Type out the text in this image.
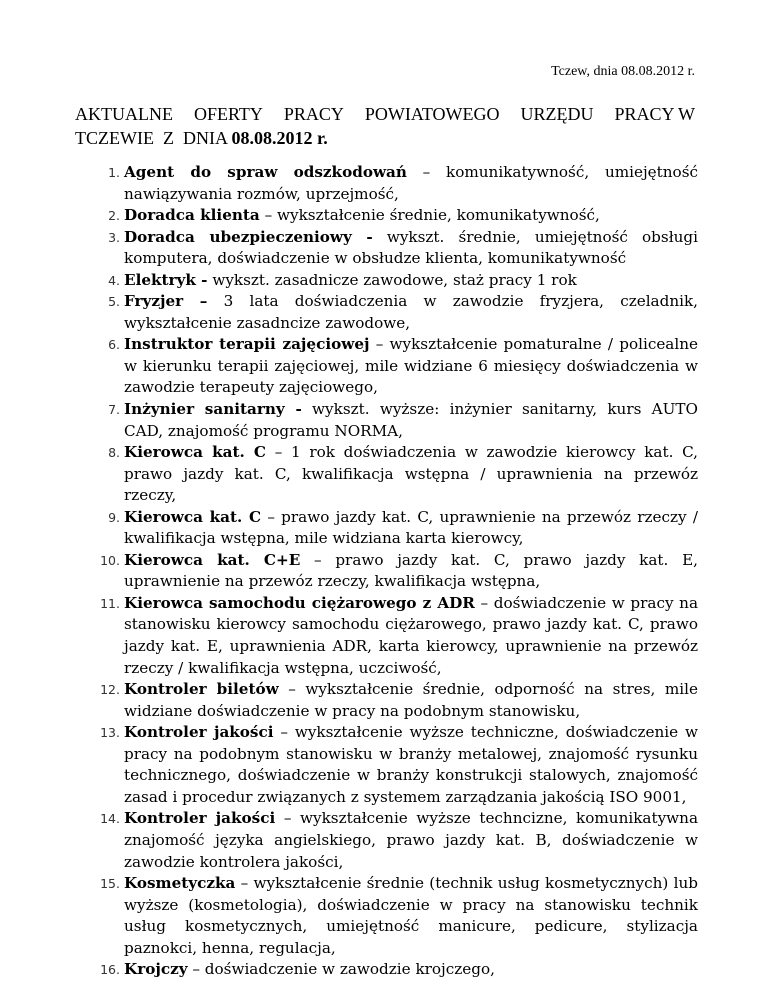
Tczew, dnia 08.08.2012 r.
AKTUALNE OFERTY PRACY POWIATOWEGO URZĘDU PRACY W
TCZEWIE  Z  DNIA 08.08.2012 r.
1. Agent do spraw odszkodowań – komunikatywność, umiejętność nawiązywania rozmów, uprzejmość,
2. Doradca klienta – wykształcenie średnie, komunikatywność,
3. Doradca ubezpieczeniowy - wykszt. średnie, umiejętność obsługi komputera, doświadczenie w obsłudze klienta, komunikatywność
4. Elektryk - wykszt. zasadnicze zawodowe, staż pracy 1 rok
5. Fryzjer – 3 lata doświadczenia w zawodzie fryzjera, czeladnik, wykształcenie zasadncize zawodowe,
6. Instruktor terapii zajęciowej – wykształcenie pomaturalne / policealne w kierunku terapii zajęciowej, mile widziane 6 miesięcy doświadczenia w zawodzie terapeuty zajęciowego,
7. Inżynier sanitarny - wykszt. wyższe: inżynier sanitarny, kurs AUTO CAD, znajomość programu NORMA,
8. Kierowca kat. C – 1 rok doświadczenia w zawodzie kierowcy kat. C, prawo jazdy kat. C, kwalifikacja wstępna / uprawnienia na przewóz rzeczy,
9. Kierowca kat. C – prawo jazdy kat. C, uprawnienie na przewóz rzeczy / kwalifikacja wstępna, mile widziana karta kierowcy,
10. Kierowca kat. C+E – prawo jazdy kat. C, prawo jazdy kat. E, uprawnienie na przewóz rzeczy, kwalifikacja wstępna,
11. Kierowca samochodu ciężarowego z ADR – doświadczenie w pracy na stanowisku kierowcy samochodu ciężarowego, prawo jazdy kat. C, prawo jazdy kat. E, uprawnienia ADR, karta kierowcy, uprawnienie na przewóz rzeczy / kwalifikacja wstępna, uczciwość,
12. Kontroler biletów – wykształcenie średnie, odporność na stres, mile widziane doświadczenie w pracy na podobnym stanowisku,
13. Kontroler jakości – wykształcenie wyższe techniczne, doświadczenie w pracy na podobnym stanowisku w branży metalowej, znajomość rysunku technicznego, doświadczenie w branży konstrukcji stalowych, znajomość zasad i procedur związanych z systemem zarządzania jakością ISO 9001,
14. Kontroler jakości – wykształcenie wyższe techncizne, komunikatywna znajomość języka angielskiego, prawo jazdy kat. B, doświadczenie w zawodzie kontrolera jakości,
15. Kosmetyczka – wykształcenie średnie (technik usług kosmetycznych) lub wyższe (kosmetologia), doświadczenie w pracy na stanowisku technik usług kosmetycznych, umiejętność manicure, pedicure, stylizacja paznokci, henna, regulacja,
16. Krojczy – doświadczenie w zawodzie krojczego,
